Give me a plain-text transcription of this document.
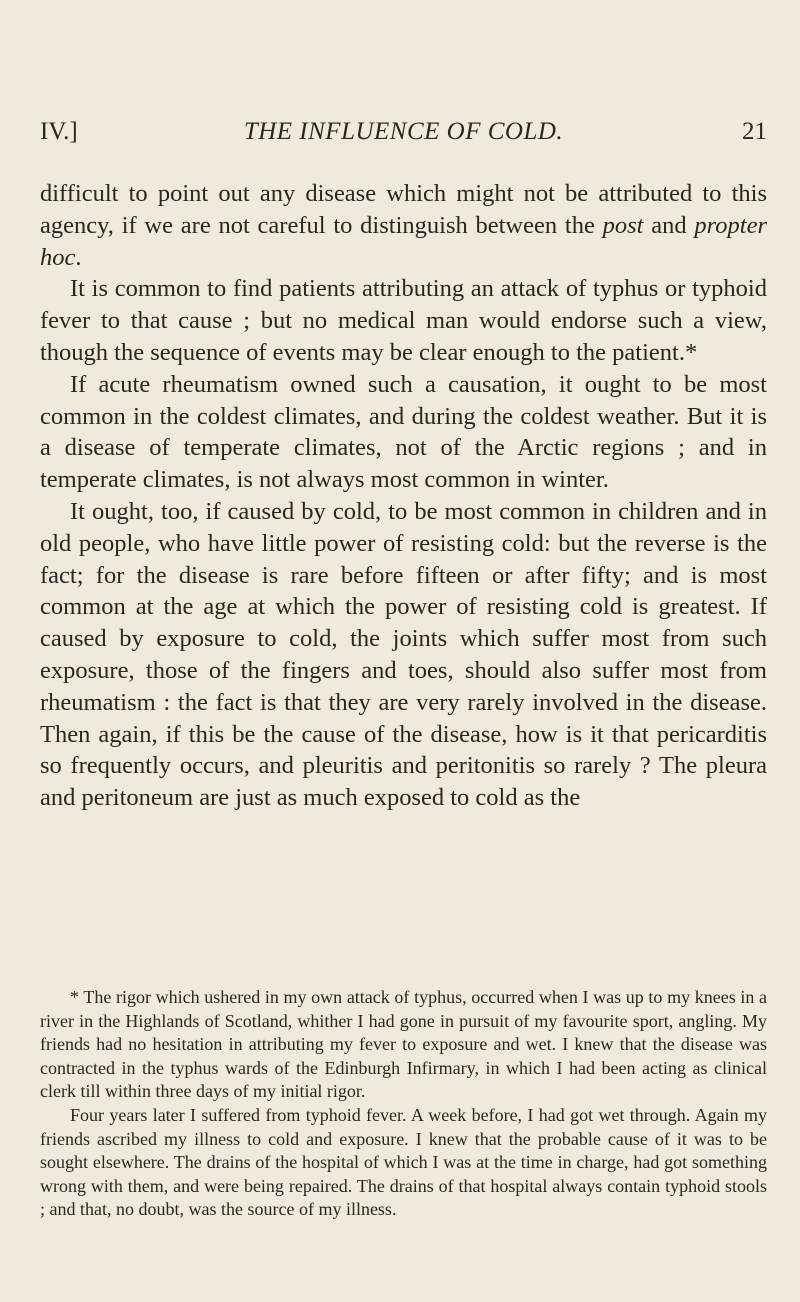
IV.]	THE INFLUENCE OF COLD.	21

difficult to point out any disease which might not be attributed to this agency, if we are not careful to distinguish between the post and propter hoc.

It is common to find patients attributing an attack of typhus or typhoid fever to that cause ; but no medical man would endorse such a view, though the sequence of events may be clear enough to the patient.*

If acute rheumatism owned such a causation, it ought to be most common in the coldest climates, and during the coldest weather. But it is a disease of temperate climates, not of the Arctic regions ; and in temperate climates, is not always most common in winter.

It ought, too, if caused by cold, to be most common in children and in old people, who have little power of resisting cold: but the reverse is the fact; for the disease is rare before fifteen or after fifty; and is most common at the age at which the power of resisting cold is greatest. If caused by exposure to cold, the joints which suffer most from such exposure, those of the fingers and toes, should also suffer most from rheumatism : the fact is that they are very rarely involved in the disease. Then again, if this be the cause of the disease, how is it that pericarditis so frequently occurs, and pleuritis and peritonitis so rarely ? The pleura and peritoneum are just as much exposed to cold as the

* The rigor which ushered in my own attack of typhus, occurred when I was up to my knees in a river in the Highlands of Scotland, whither I had gone in pursuit of my favourite sport, angling. My friends had no hesitation in attributing my fever to exposure and wet. I knew that the disease was contracted in the typhus wards of the Edinburgh Infirmary, in which I had been acting as clinical clerk till within three days of my initial rigor.

Four years later I suffered from typhoid fever. A week before, I had got wet through. Again my friends ascribed my illness to cold and exposure. I knew that the probable cause of it was to be sought elsewhere. The drains of the hospital of which I was at the time in charge, had got something wrong with them, and were being repaired. The drains of that hospital always contain typhoid stools ; and that, no doubt, was the source of my illness.
